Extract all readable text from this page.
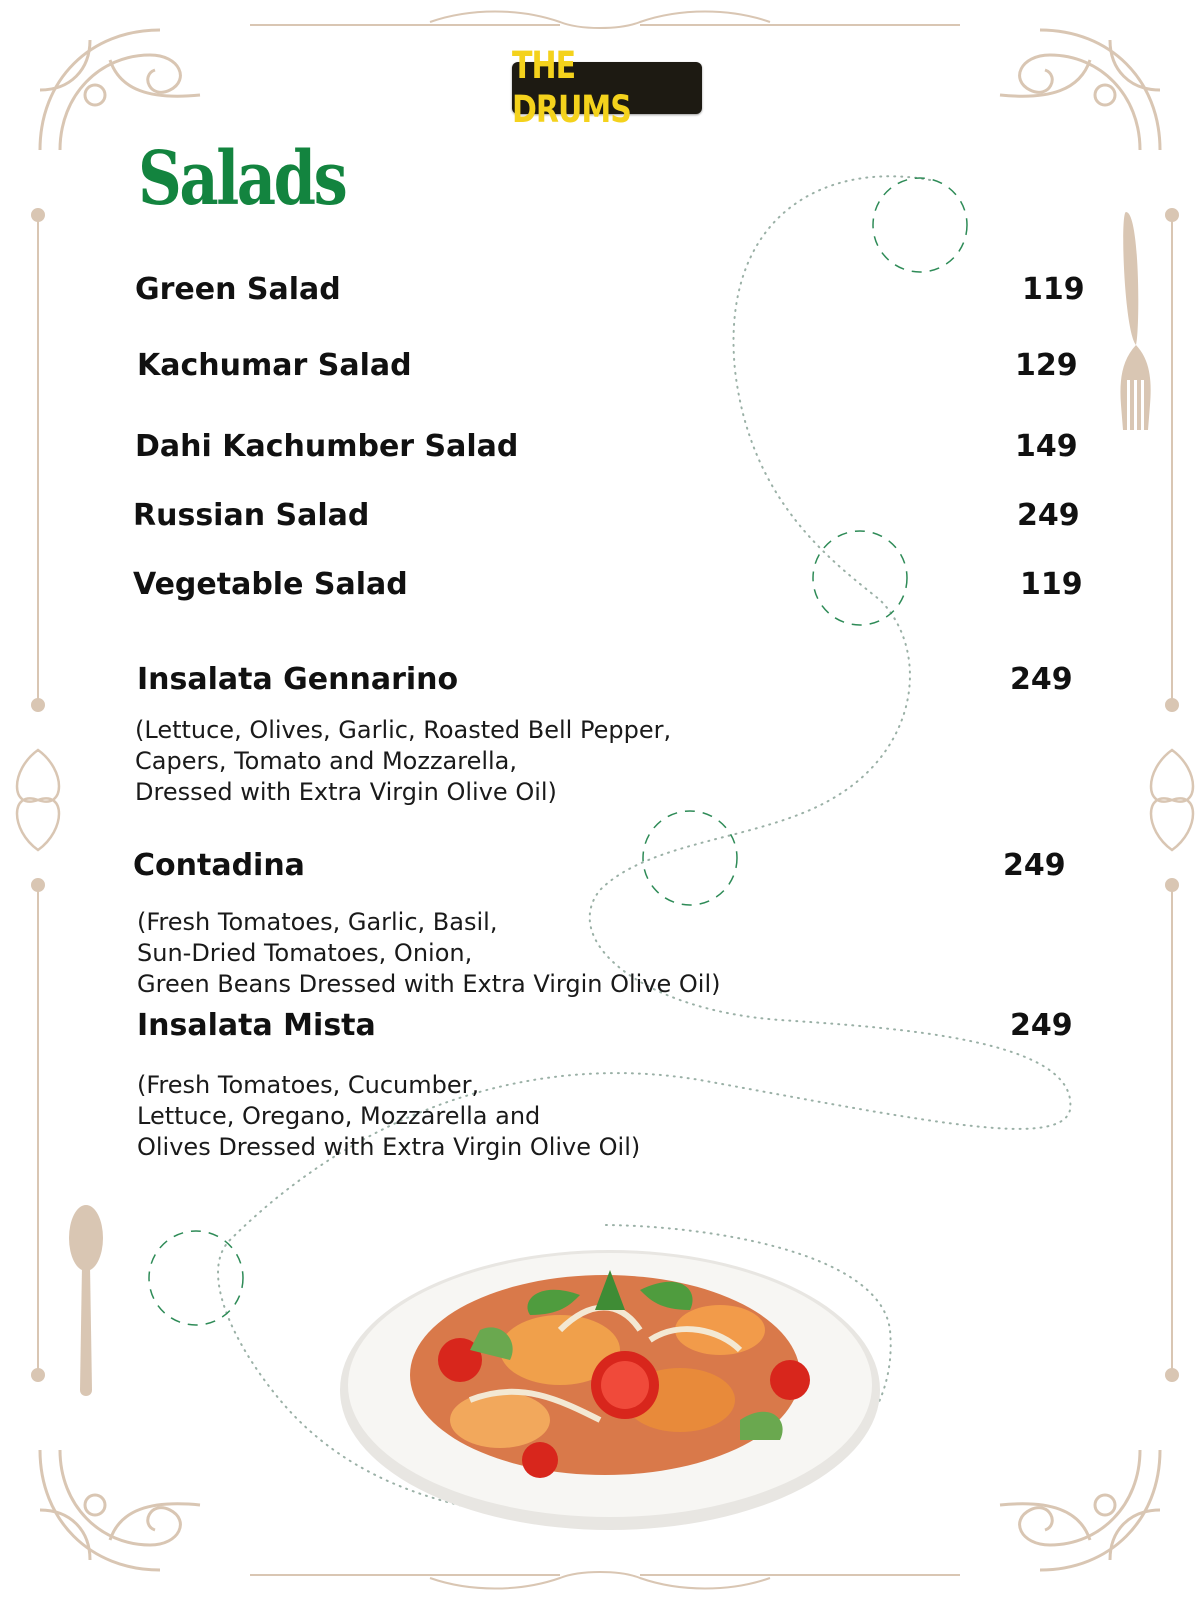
THE DRUMS
Salads
Green Salad	119
Kachumar Salad	129
Dahi Kachumber Salad	149
Russian Salad	249
Vegetable Salad	119
Insalata Gennarino	249
(Lettuce, Olives, Garlic, Roasted Bell Pepper,
Capers, Tomato and Mozzarella,
Dressed with Extra Virgin Olive Oil)
Contadina	249
(Fresh Tomatoes, Garlic, Basil,
Sun-Dried Tomatoes, Onion,
Green Beans Dressed with Extra Virgin Olive Oil)
Insalata Mista	249
(Fresh Tomatoes, Cucumber,
Lettuce, Oregano, Mozzarella and
Olives Dressed with Extra Virgin Olive Oil)
